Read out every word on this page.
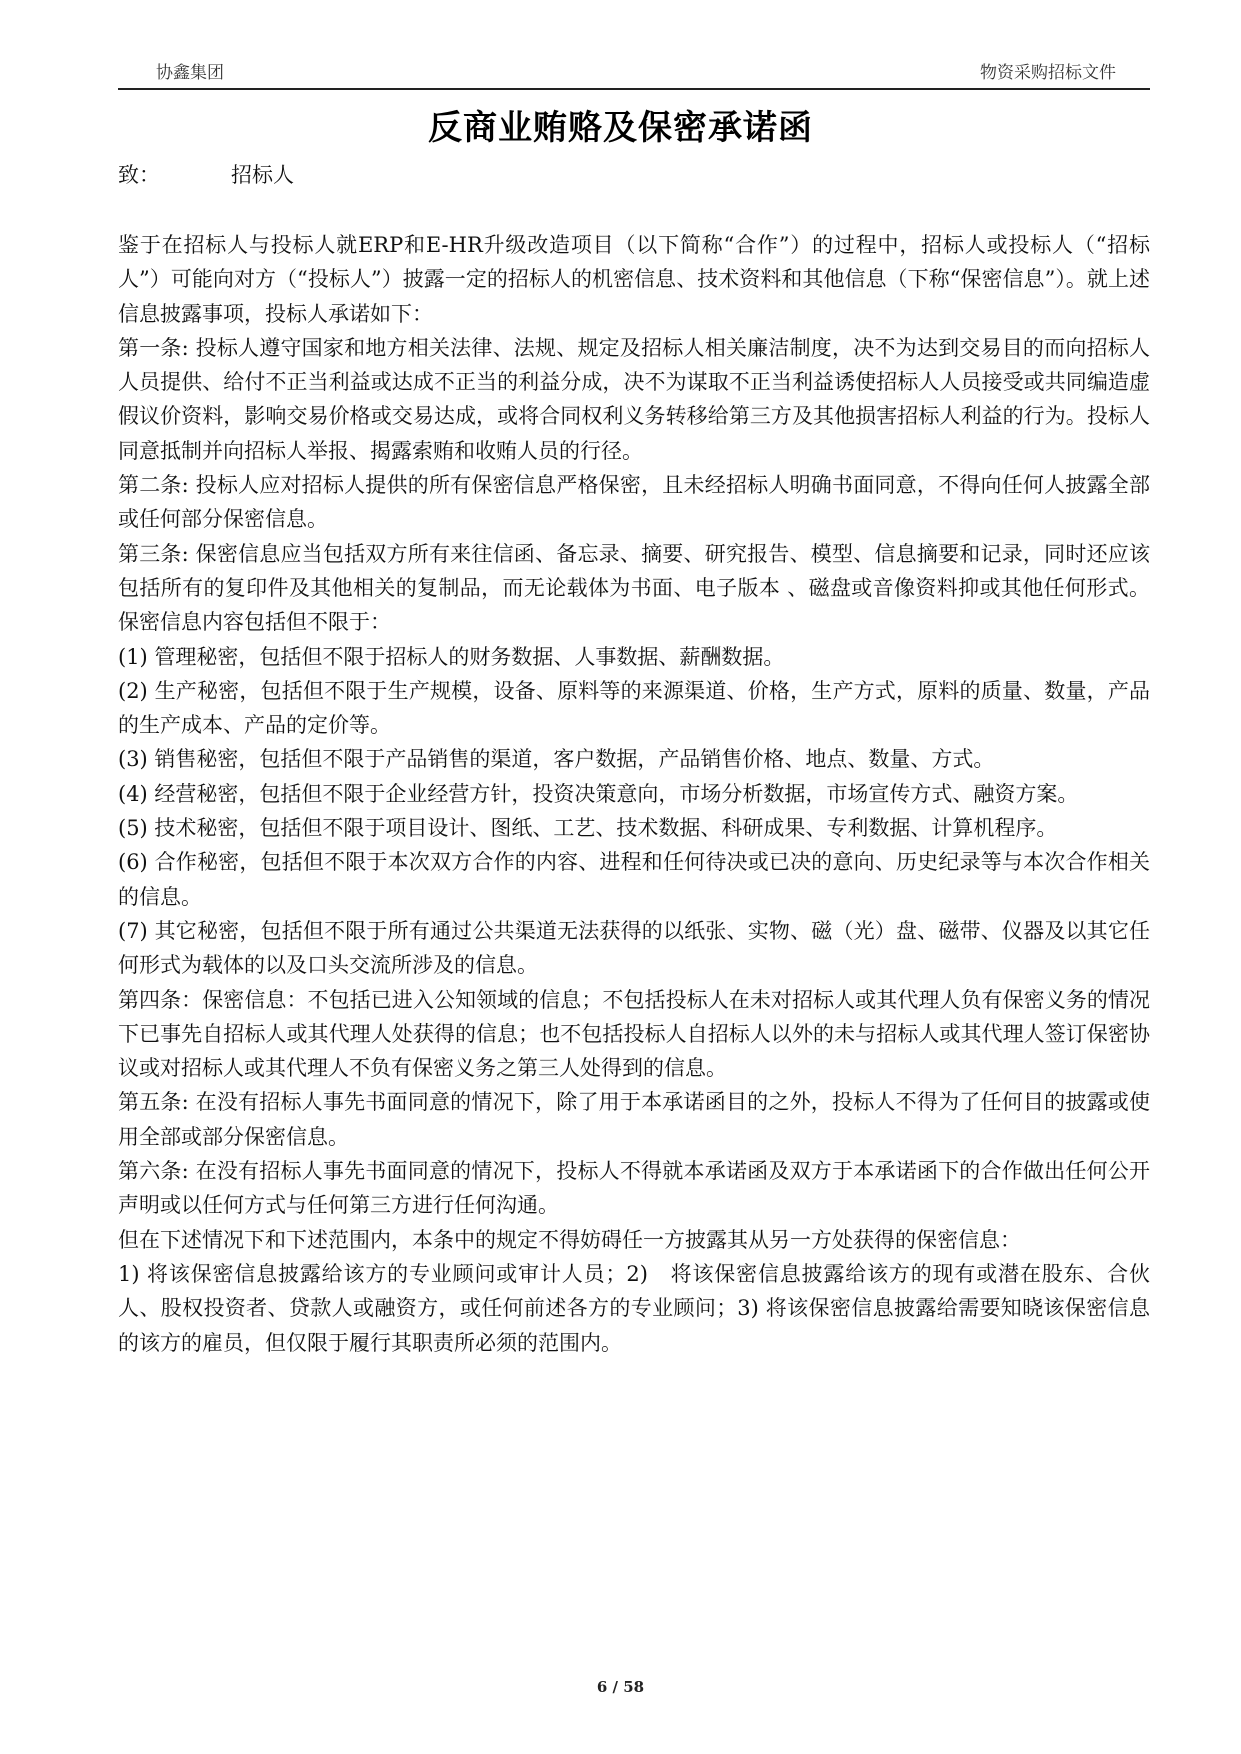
协鑫集团	物资采购招标文件
反商业贿赂及保密承诺函
致：	招标人

鉴于在招标人与投标人就ERP和E-HR升级改造项目（以下简称“合作”）的过程中，招标人或投标人（“招标人”）可能向对方（“投标人”）披露一定的招标人的机密信息、技术资料和其他信息（下称“保密信息”）。就上述信息披露事项，投标人承诺如下：

第一条: 投标人遵守国家和地方相关法律、法规、规定及招标人相关廉洁制度，决不为达到交易目的而向招标人人员提供、给付不正当利益或达成不正当的利益分成，决不为谋取不正当利益诱使招标人人员接受或共同编造虚假议价资料，影响交易价格或交易达成，或将合同权利义务转移给第三方及其他损害招标人利益的行为。投标人同意抵制并向招标人举报、揭露索贿和收贿人员的行径。

第二条: 投标人应对招标人提供的所有保密信息严格保密，且未经招标人明确书面同意，不得向任何人披露全部或任何部分保密信息。

第三条: 保密信息应当包括双方所有来往信函、备忘录、摘要、研究报告、模型、信息摘要和记录，同时还应该包括所有的复印件及其他相关的复制品，而无论载体为书面、电子版本 、磁盘或音像资料抑或其他任何形式。保密信息内容包括但不限于：

(1) 管理秘密，包括但不限于招标人的财务数据、人事数据、薪酬数据。

(2) 生产秘密，包括但不限于生产规模，设备、原料等的来源渠道、价格，生产方式，原料的质量、数量，产品的生产成本、产品的定价等。

(3) 销售秘密，包括但不限于产品销售的渠道，客户数据，产品销售价格、地点、数量、方式。

(4) 经营秘密，包括但不限于企业经营方针，投资决策意向，市场分析数据，市场宣传方式、融资方案。

(5) 技术秘密，包括但不限于项目设计、图纸、工艺、技术数据、科研成果、专利数据、计算机程序。

(6) 合作秘密，包括但不限于本次双方合作的内容、进程和任何待决或已决的意向、历史纪录等与本次合作相关的信息。

(7) 其它秘密，包括但不限于所有通过公共渠道无法获得的以纸张、实物、磁（光）盘、磁带、仪器及以其它任何形式为载体的以及口头交流所涉及的信息。

第四条：保密信息：不包括已进入公知领域的信息；不包括投标人在未对招标人或其代理人负有保密义务的情况下已事先自招标人或其代理人处获得的信息；也不包括投标人自招标人以外的未与招标人或其代理人签订保密协议或对招标人或其代理人不负有保密义务之第三人处得到的信息。

第五条: 在没有招标人事先书面同意的情况下，除了用于本承诺函目的之外，投标人不得为了任何目的披露或使用全部或部分保密信息。

第六条: 在没有招标人事先书面同意的情况下，投标人不得就本承诺函及双方于本承诺函下的合作做出任何公开声明或以任何方式与任何第三方进行任何沟通。

但在下述情况下和下述范围内，本条中的规定不得妨碍任一方披露其从另一方处获得的保密信息：

1) 将该保密信息披露给该方的专业顾问或审计人员；2)　将该保密信息披露给该方的现有或潜在股东、合伙人、股权投资者、贷款人或融资方，或任何前述各方的专业顾问；3) 将该保密信息披露给需要知晓该保密信息的该方的雇员，但仅限于履行其职责所必须的范围内。

6 / 58
